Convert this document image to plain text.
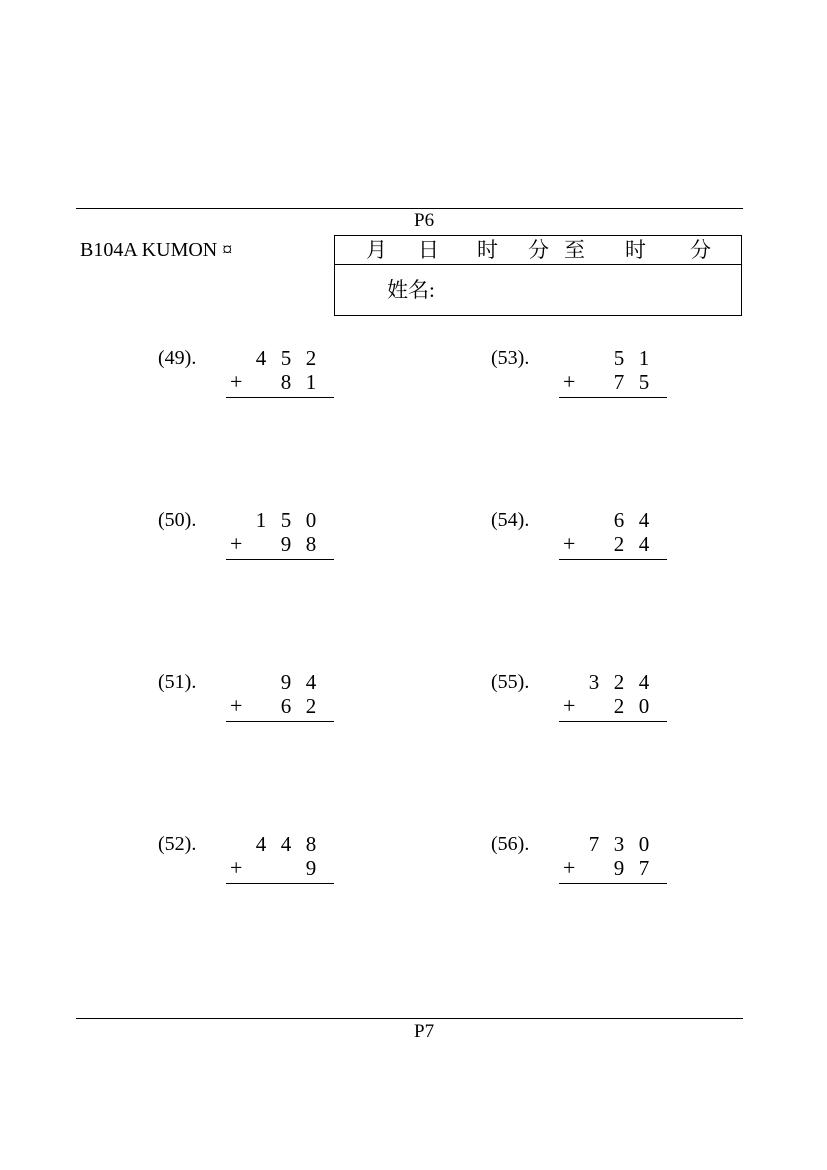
P6
B104A KUMON ¤	月 日 时 分 至 时 分
姓名:
(49).	4 5 2
+ 8 1
(50).	1 5 0
+ 9 8
(51).	9 4
+ 6 2
(52).	4 4 8
+	9
(53).	5 1
+ 7 5
(54).	6 4
+ 2 4
(55).	3 2 4
+ 2 0
(56).	7 3 0
+ 9 7
P7
